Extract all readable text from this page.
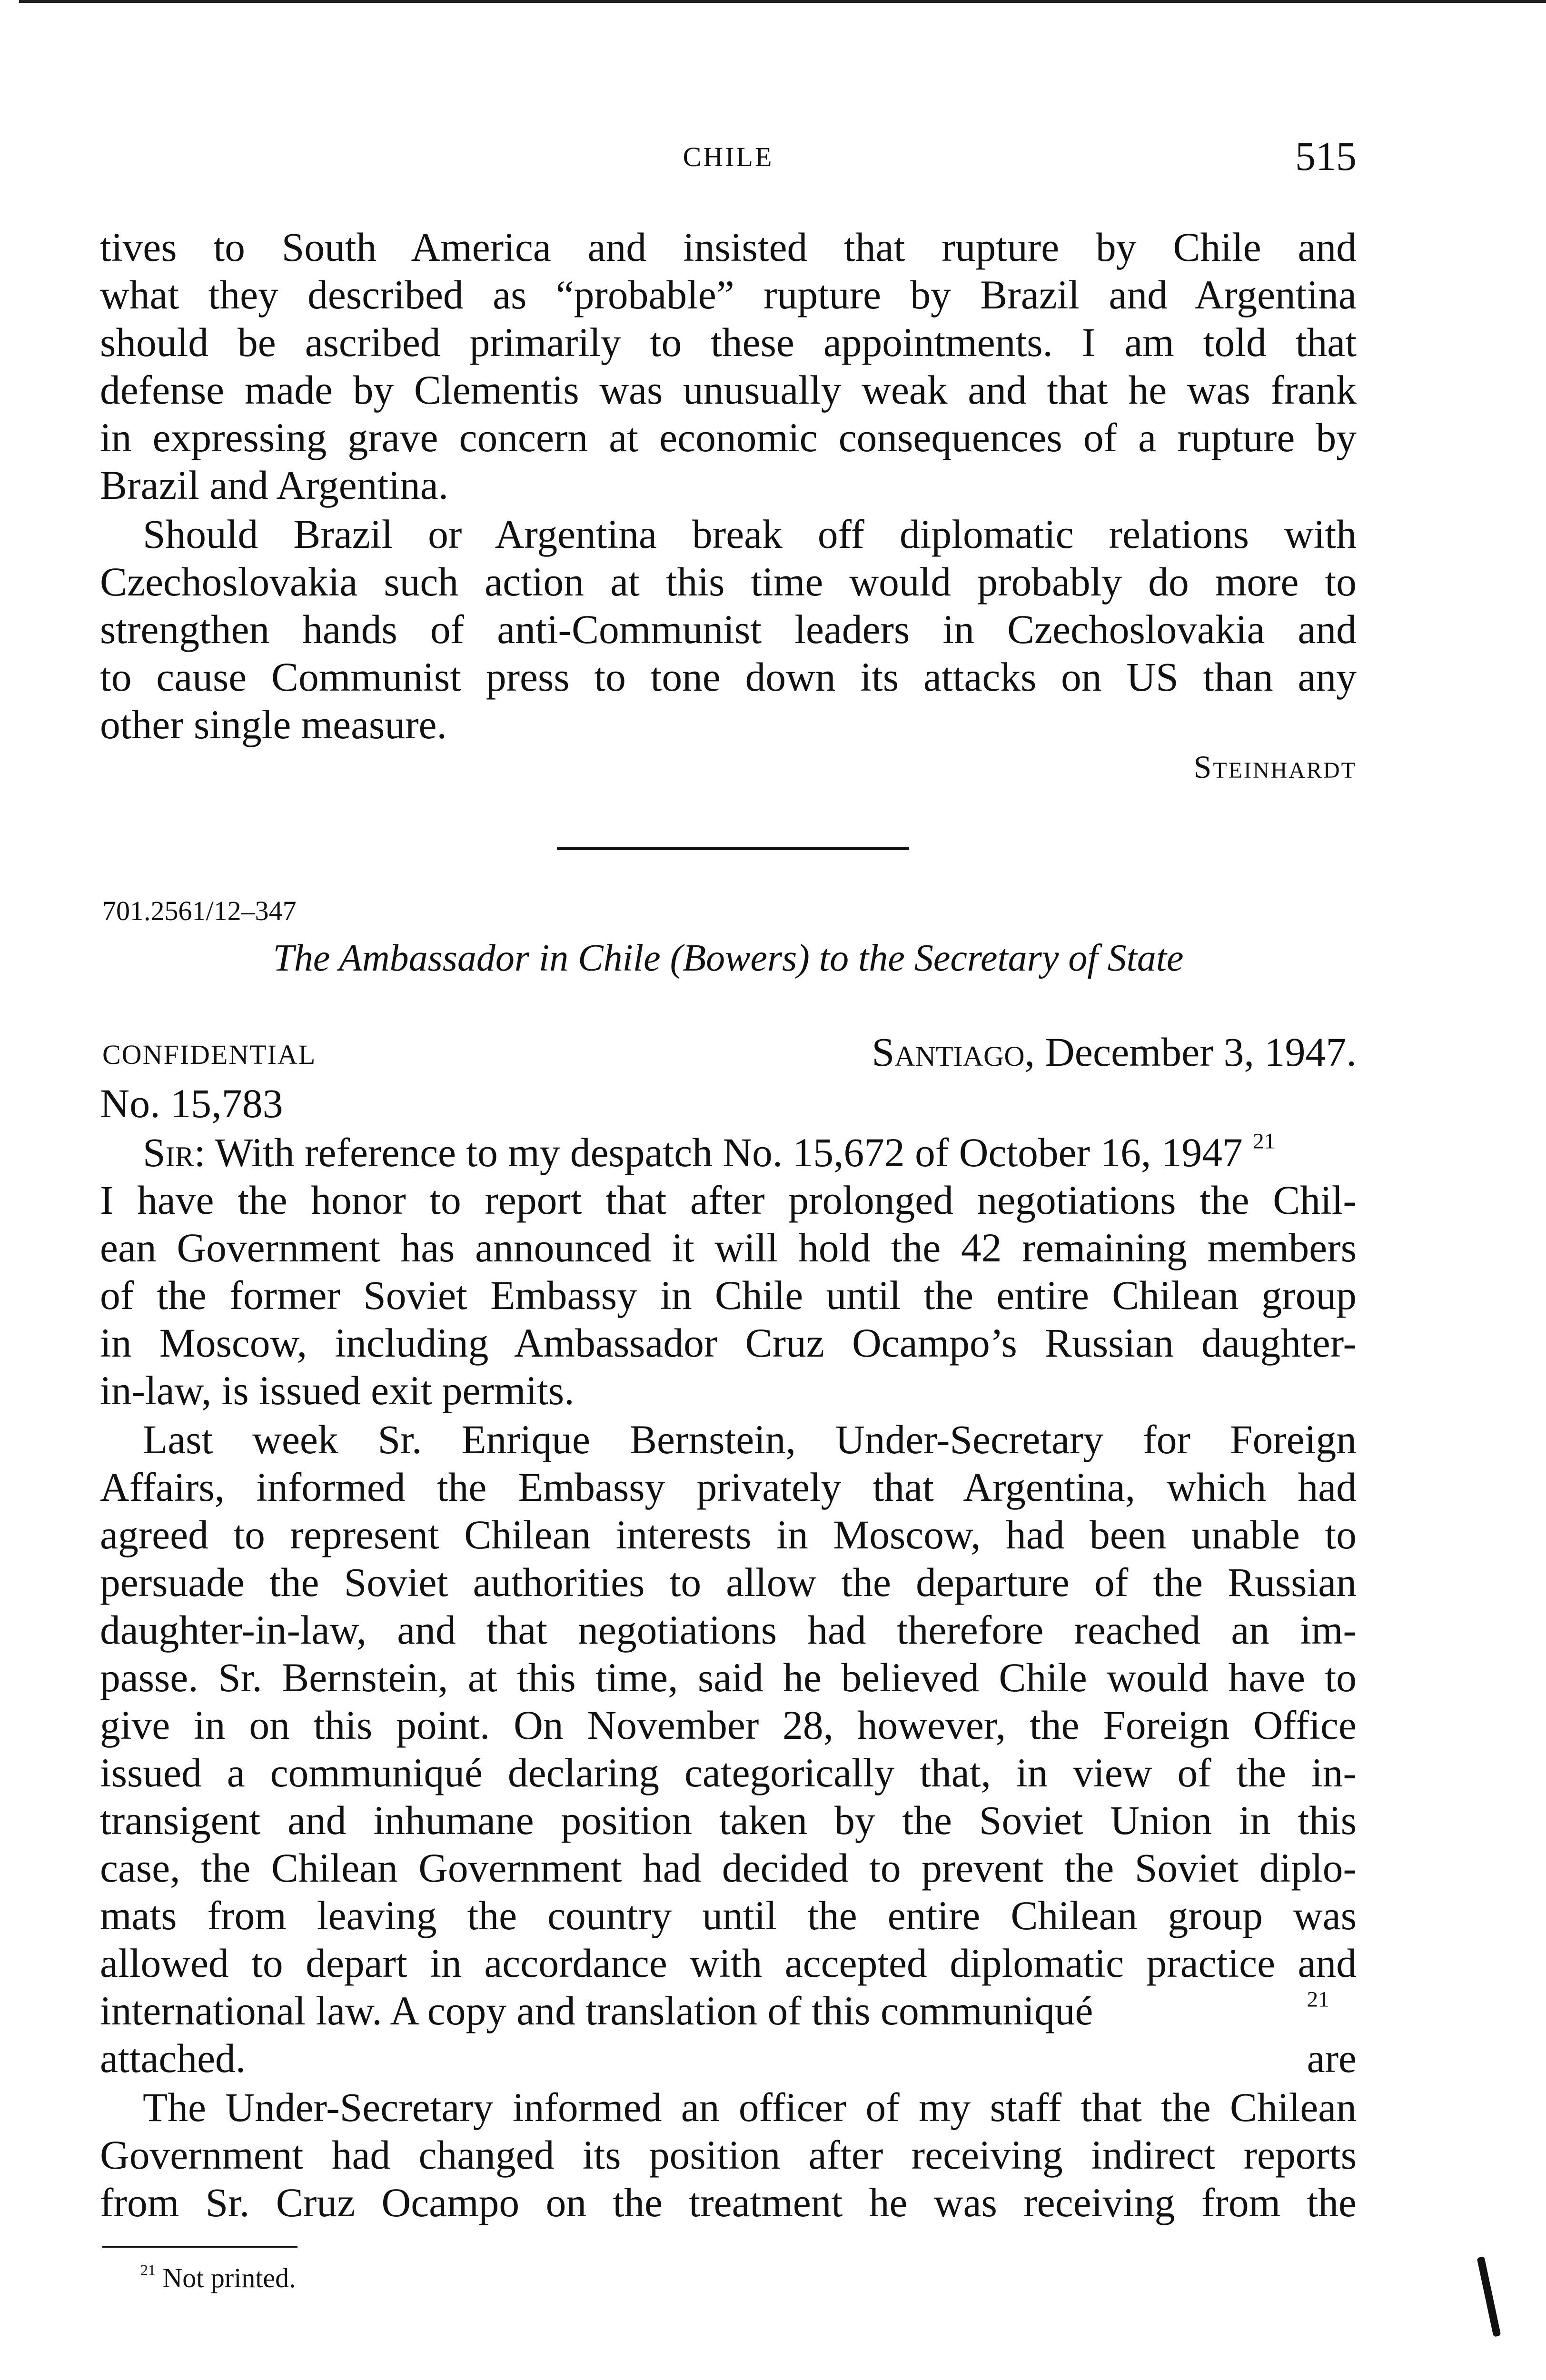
CHILE	515
tives to South America and insisted that rupture by Chile and
what they described as “probable” rupture by Brazil and Argentina
should be ascribed primarily to these appointments. I am told that
defense made by Clementis was unusually weak and that he was frank
in expressing grave concern at economic consequences of a rupture by
Brazil and Argentina.
Should Brazil or Argentina break off diplomatic relations with
Czechoslovakia such action at this time would probably do more to
strengthen hands of anti-Communist leaders in Czechoslovakia and
to cause Communist press to tone down its attacks on US than any
other single measure.
Steinhardt
701.2561/12–347
The Ambassador in Chile (Bowers) to the Secretary of State
CONFIDENTIAL	Santiago, December 3, 1947.
No. 15,783
Sir: With reference to my despatch No. 15,672 of October 16, 1947 $^{21}$
I have the honor to report that after prolonged negotiations the Chil-
ean Government has announced it will hold the 42 remaining members
of the former Soviet Embassy in Chile until the entire Chilean group
in Moscow, including Ambassador Cruz Ocampo’s Russian daughter-
in-law, is issued exit permits.
Last week Sr. Enrique Bernstein, Under-Secretary for Foreign
Affairs, informed the Embassy privately that Argentina, which had
agreed to represent Chilean interests in Moscow, had been unable to
persuade the Soviet authorities to allow the departure of the Russian
daughter-in-law, and that negotiations had therefore reached an im-
passe. Sr. Bernstein, at this time, said he believed Chile would have to
give in on this point. On November 28, however, the Foreign Office
issued a communiqué declaring categorically that, in view of the in-
transigent and inhumane position taken by the Soviet Union in this
case, the Chilean Government had decided to prevent the Soviet diplo-
mats from leaving the country until the entire Chilean group was
allowed to depart in accordance with accepted diplomatic practice and
international law. A copy and translation of this communiqué	$^{21}$
are
attached.
The Under-Secretary informed an officer of my staff that the Chilean
Government had changed its position after receiving indirect reports
from Sr. Cruz Ocampo on the treatment he was receiving from the
$^{21}$ Not printed.
